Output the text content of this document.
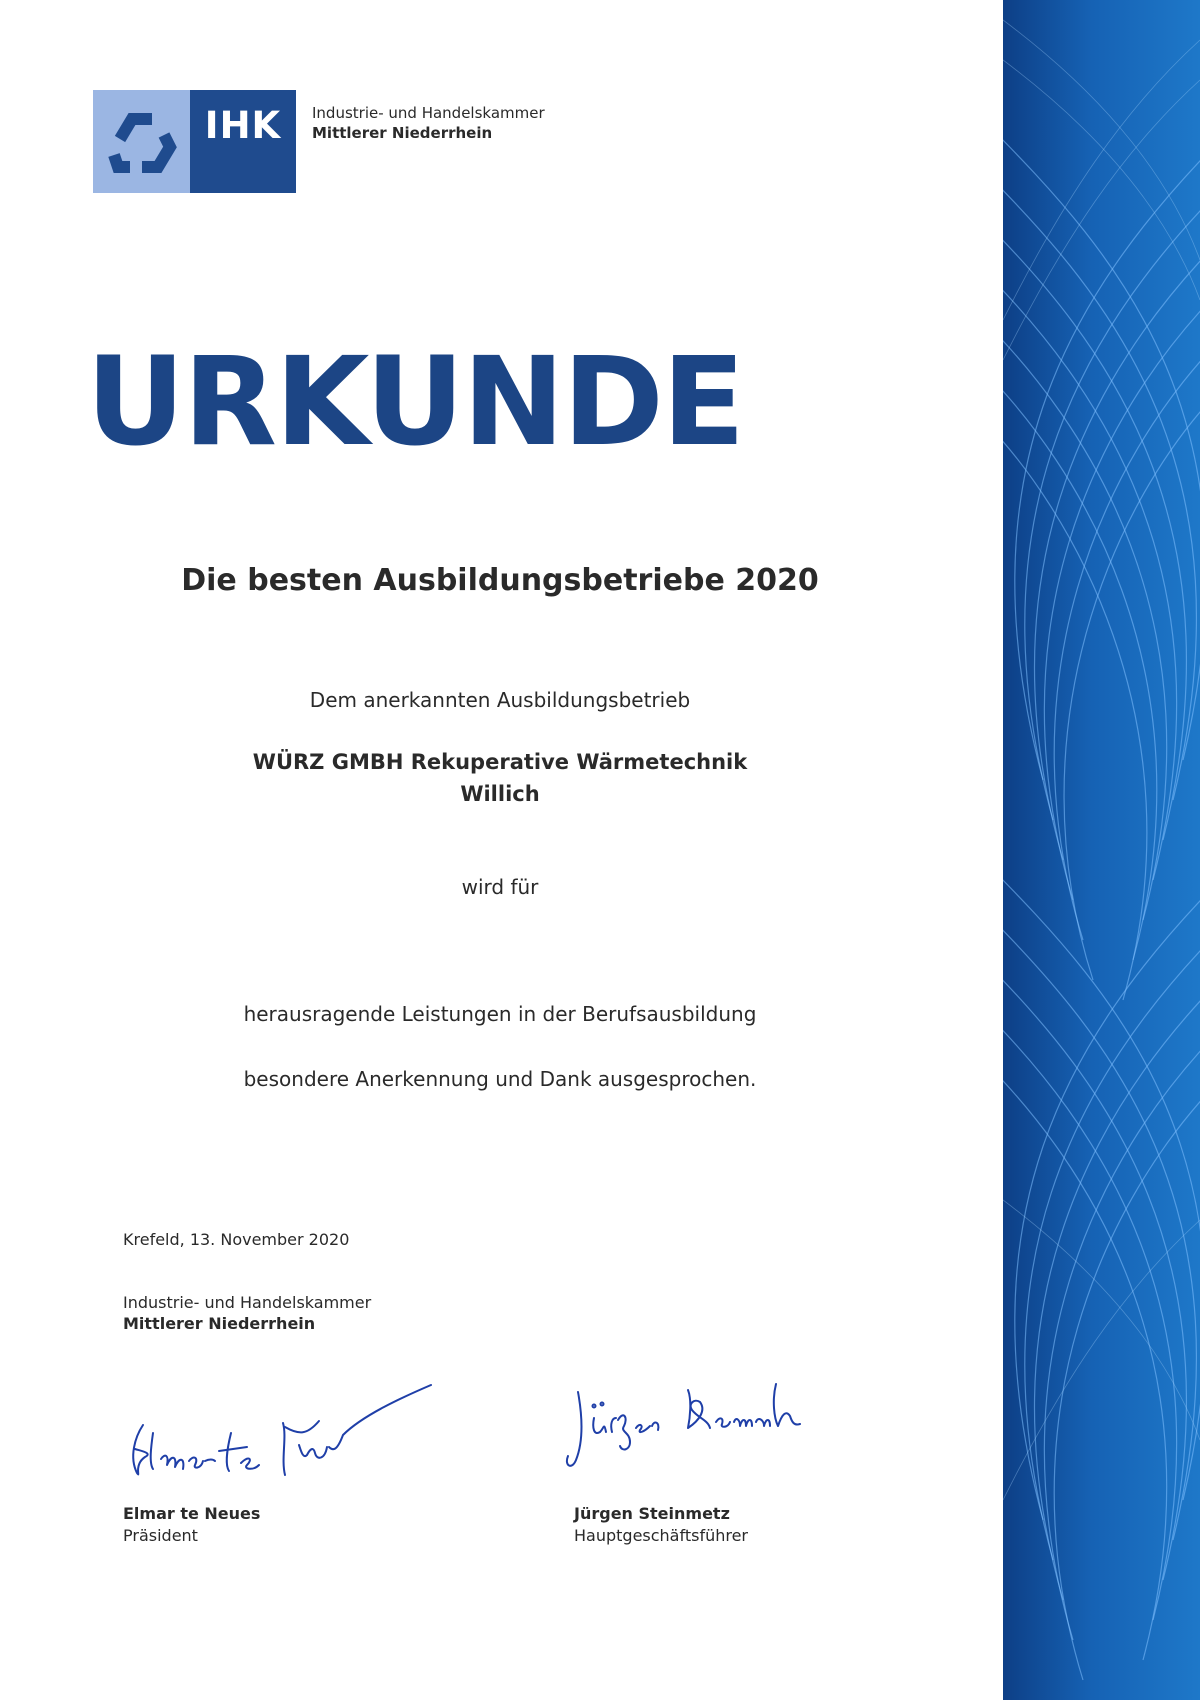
IHK	Industrie- und Handelskammer
Mittlerer Niederrhein
URKUNDE
Die besten Ausbildungsbetriebe 2020
Dem anerkannten Ausbildungsbetrieb
WÜRZ GMBH Rekuperative Wärmetechnik
Willich
wird für
herausragende Leistungen in der Berufsausbildung
besondere Anerkennung und Dank ausgesprochen.
Krefeld, 13. November 2020
Industrie- und Handelskammer
Mittlerer Niederrhein
Elmar te Neues
Präsident
Jürgen Steinmetz
Hauptgeschäftsführer
